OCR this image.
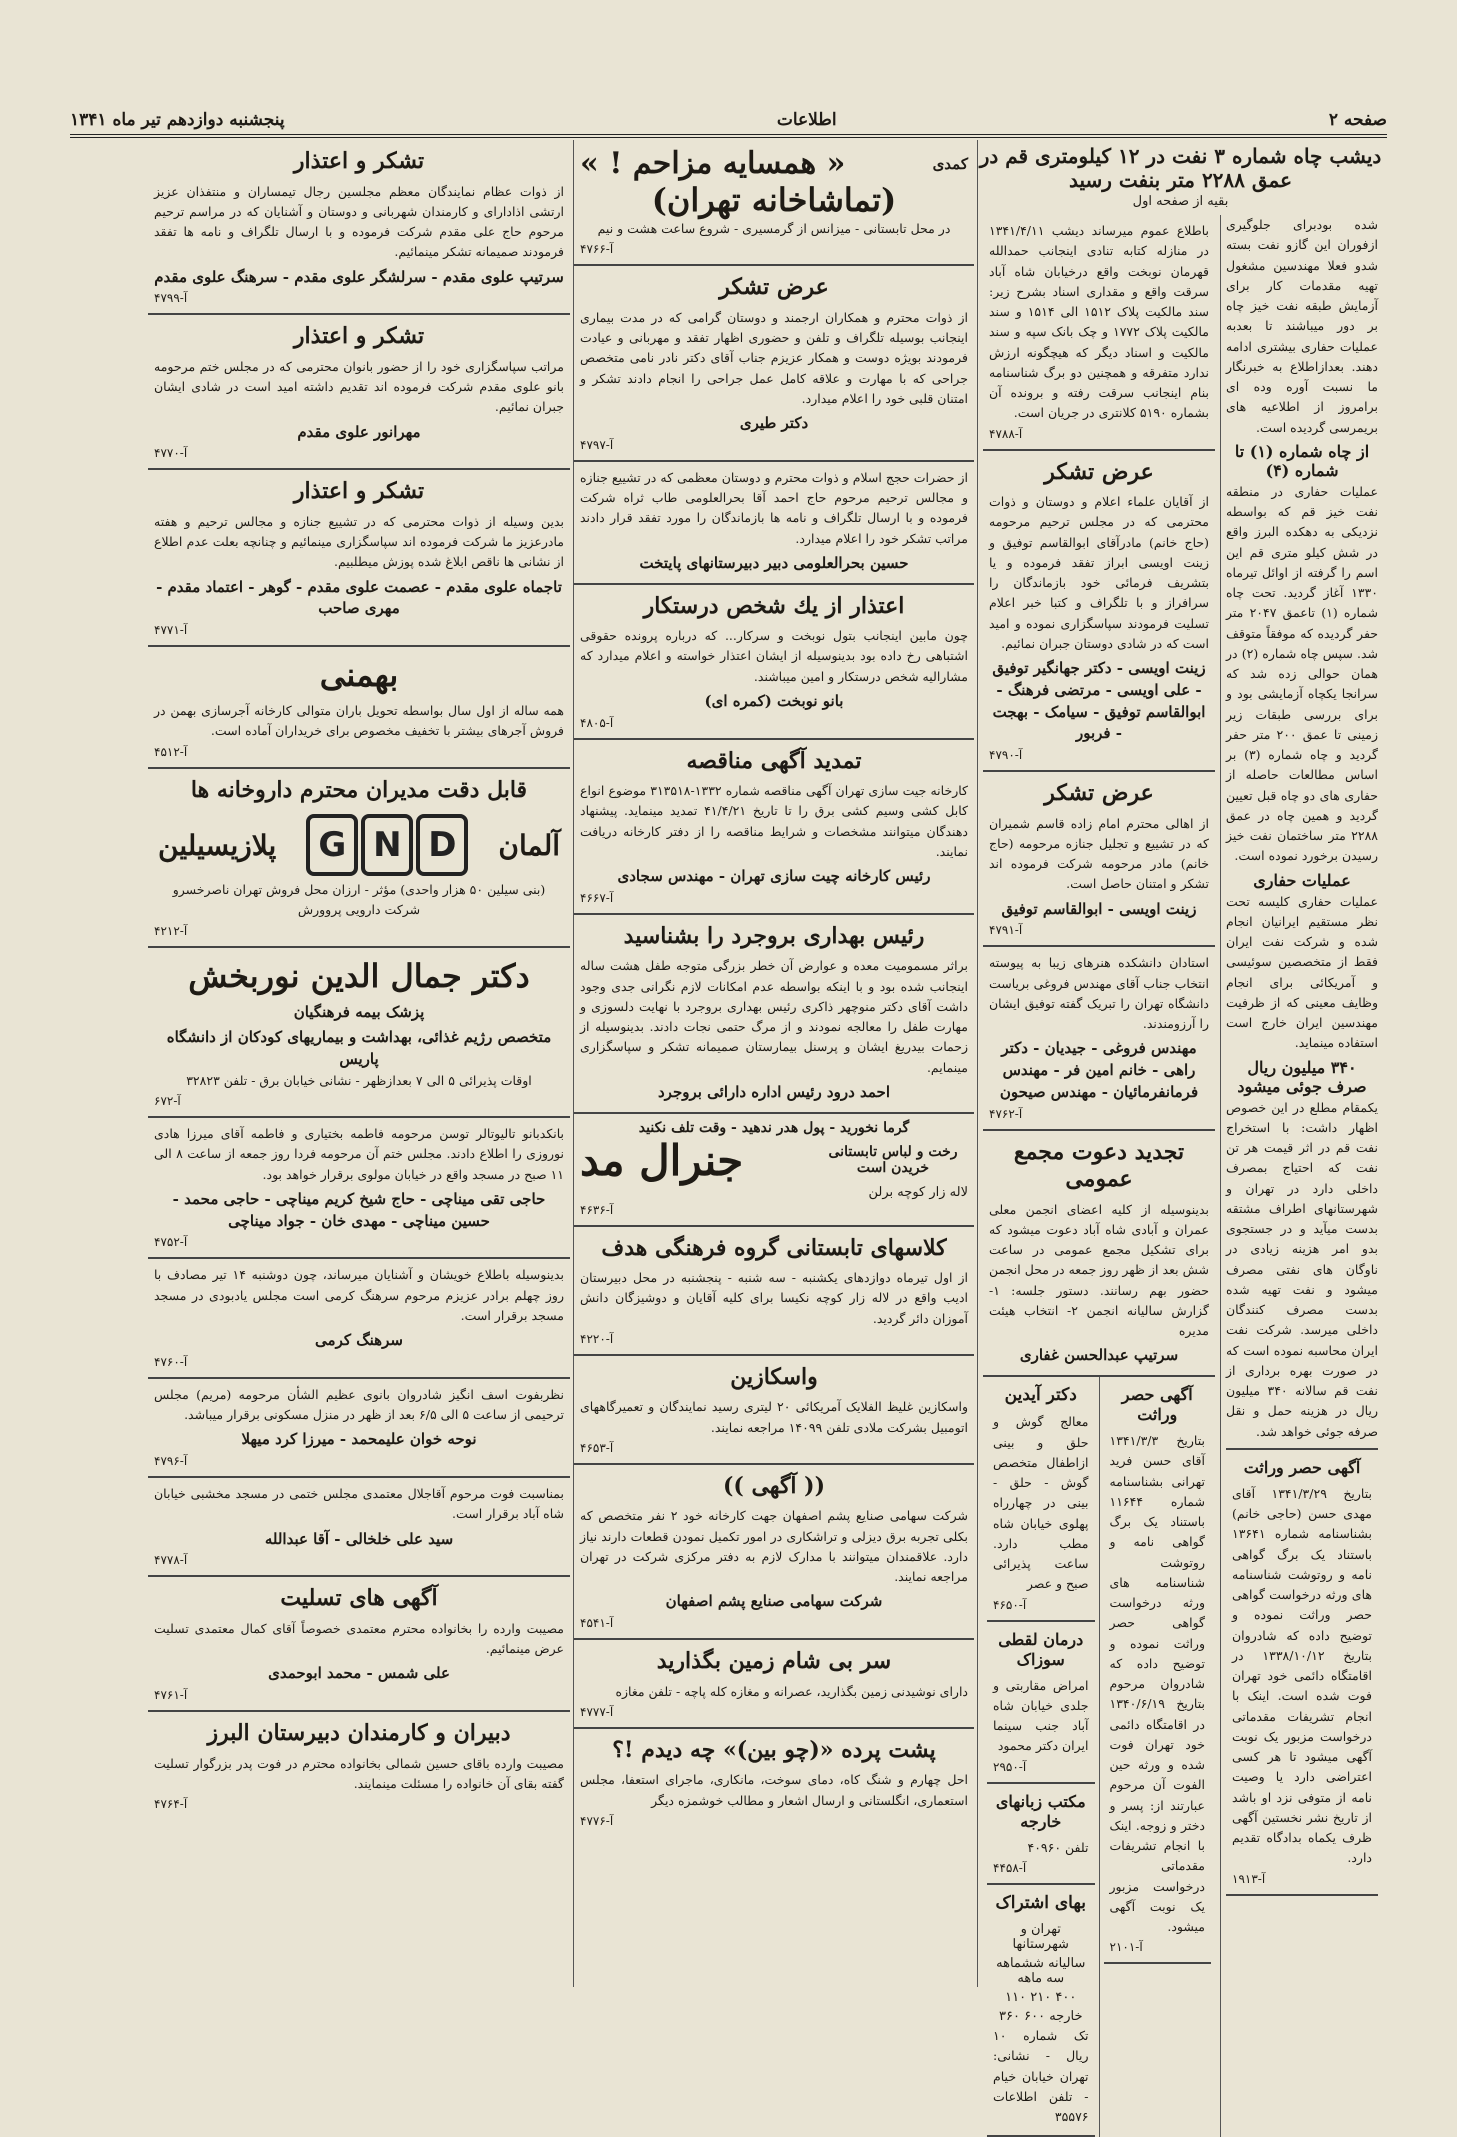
صفحه ۲
اطلاعات
پنجشنبه دوازدهم تیر ماه ۱۳۴۱
دیشب چاه شماره ۳ نفت در ۱۲ کیلومتری قم در عمق ۲۲۸۸ متر بنفت رسید
بقیه از صفحه اول

شده بودبرای جلوگیری ازفوران این گازو نفت بسته شدو فعلا مهندسین مشغول تهیه مقدمات کار برای آزمایش طبقه نفت خیز چاه بر دور میباشند تا بعدبه عملیات حفاری بیشتری ادامه دهند. بعدازاطلاع به خبرنگار ما نسبت آوره وده ای برامروز از اطلاعیه های بریمرسی گردیده است.

از چاه شماره (۱) تا شماره (۴)

عملیات حفاری در منطقه نفت خیز قم که بواسطه نزدیکی به دهکده البرز واقع در شش کیلو متری قم این اسم را گرفته از اوائل تیرماه ۱۳۳۰ آغاز گردید. تحت چاه شماره (۱) تاعمق ۲۰۴۷ متر حفر گردیده که موفقاً متوقف شد. سپس چاه شماره (۲) در همان حوالی زده شد که سرانجا یکچاه آزمایشی بود و برای بررسی طبقات زیر زمینی تا عمق ۲۰۰ متر حفر گردید و چاه شماره (۳) بر اساس مطالعات حاصله از حفاری های دو چاه قبل تعیین گردید و همین چاه در عمق ۲۲۸۸ متر ساختمان نفت خیز رسیدن برخورد نموده است.

عملیات حفاری

عملیات حفاری کلیسه تحت نظر مستقیم ایرانیان انجام شده و شرکت نفت ایران فقط از متخصصین سوئیسی و آمریکائی برای انجام وظایف معینی که از ظرفیت مهندسین ایران خارج است استفاده مینماید.

۳۴۰ میلیون ریال صرف جوئی میشود

یکمقام مطلع در این خصوص اظهار داشت: با استخراج نفت قم در اثر قیمت هر تن نفت که احتیاج بمصرف داخلی دارد در تهران و شهرستانهای اطراف مشتقه بدست میآید و در جستجوی بدو امر هزینه زیادی در ناوگان های نفتی مصرف میشود و نفت تهیه شده بدست مصرف کنندگان داخلی میرسد. شرکت نفت ایران محاسبه نموده است که در صورت بهره برداری از نفت قم سالانه ۳۴۰ میلیون ریال در هزینه حمل و نقل صرفه جوئی خواهد شد.

آگهی حصر وراثت

بتاریخ ۱۳۴۱/۳/۲۹ آقای مهدی حسن (حاجی خانم) بشناسنامه شماره ۱۳۶۴۱ باستناد یک برگ گواهی نامه و روتوشت شناسنامه های ورثه درخواست گواهی حصر وراثت نموده و توضیح داده که شادروان بتاریخ ۱۳۳۸/۱۰/۱۲ در اقامتگاه دائمی خود تهران فوت شده است. اینک با انجام تشریفات مقدماتی درخواست مزبور یک نوبت آگهی میشود تا هر کسی اعتراضی دارد یا وصیت نامه از متوفی نزد او باشد از تاریخ نشر نخستین آگهی ظرف یکماه بدادگاه تقدیم دارد.

آ-۱۹۱۳

باطلاع عموم میرساند دیشب ۱۳۴۱/۴/۱۱ در منازله کتابه تنادی اینجانب حمدالله قهرمان نوبخت واقع درخیابان شاه آباد سرقت واقع و مقداری اسناد بشرح زیر: سند مالکیت پلاک ۱۵۱۲ الی ۱۵۱۴ و سند مالکیت پلاک ۱۷۷۲ و چک بانک سپه و سند مالکیت و اسناد دیگر که هیچگونه ارزش ندارد متفرقه و همچنین دو برگ شناسنامه بنام اینجانب سرقت رفته و برونده آن بشماره ۵۱۹۰ کلانتری در جریان است.

آ-۴۷۸۸
عرض تشکر

از آقایان علماء اعلام و دوستان و ذوات محترمی که در مجلس ترحیم مرحومه (حاج خانم) مادرآقای ابوالقاسم توفیق و زینت اویسی ابراز تفقد فرموده و یا بتشریف فرمائی خود بازماندگان را سرافراز و با تلگراف و کتبا خبر اعلام تسلیت فرمودند سپاسگزاری نموده و امید است که در شادی دوستان جبران نمائیم.

زینت اویسی - دکتر جهانگیر توفیق - علی اویسی - مرتضی فرهنگ - ابوالقاسم توفیق - سیامک - بهجت - فربور
آ-۴۷۹۰
عرض تشکر

از اهالی محترم امام زاده قاسم شمیران که در تشییع و تجلیل جنازه مرحومه (حاج خانم) مادر مرحومه شرکت فرموده اند تشکر و امتنان حاصل است.

زینت اویسی - ابوالقاسم توفیق
آ-۴۷۹۱

استادان دانشکده هنرهای زیبا به پیوسته انتخاب جناب آقای مهندس فروغی بریاست دانشگاه تهران را تبریک گفته توفیق ایشان را آرزومندند.

مهندس فروغی - جیدیان - دکتر راهی - خانم امین فر - مهندس فرمانفرمائیان - مهندس صیحون
آ-۴۷۶۲
تجدید دعوت مجمع عمومی

بدینوسیله از کلیه اعضای انجمن معلی عمران و آبادی شاه آباد دعوت میشود که برای تشکیل مجمع عمومی در ساعت شش بعد از ظهر روز جمعه در محل انجمن حضور بهم رسانند. دستور جلسه: ۱- گزارش سالیانه انجمن ۲- انتخاب هیئت مدیره

سرتیپ عبدالحسن غفاری
آگهی حصر وراثت

بتاریخ ۱۳۴۱/۳/۳ آقای حسن فرید تهرانی بشناسنامه شماره ۱۱۶۴۴ باستناد یک برگ گواهی نامه و روتوشت شناسنامه های ورثه درخواست گواهی حصر وراثت نموده و توضیح داده که شادروان مرحوم بتاریخ ۱۳۴۰/۶/۱۹ در اقامتگاه دائمی خود تهران فوت شده و ورثه حین الفوت آن مرحوم عبارتند از: پسر و دختر و زوجه. اینک با انجام تشریفات مقدماتی درخواست مزبور یک نوبت آگهی میشود.

آ-۲۱۰۱
دکتر آیدین

معالج گوش و حلق و بینی ازاطفال متخصص گوش - حلق - بینی در چهارراه پهلوی خیابان شاه مطب دارد. ساعت پذیرائی صبح و عصر

آ-۴۶۵۰
درمان لقطی سوزاک

امراض مقاربتی و جلدی خیابان شاه آباد جنب سینما ایران دکتر محمود

آ-۲۹۵۰
مکتب زبانهای خارجه

تلفن ۴۰۹۶۰

آ-۴۴۵۸
بهای اشتراک
تهران و شهرستانها
سالیانه ششماهه سه ماهه
۴۰۰ ۲۱۰ ۱۱۰
خارجه ۶۰۰ ۳۶۰

تک شماره ۱۰ ریال - نشانی: تهران خیابان خیام - تلفن اطلاعات ۳۵۵۷۶

کمدی
« همسایه مزاحم ! »
(تماشاخانه تهران)

در محل تابستانی - میزانس از گرمسیری - شروع ساعت هشت و نیم

آ-۴۷۶۶
عرض تشکر

از ذوات محترم و همکاران ارجمند و دوستان گرامی که در مدت بیماری اینجانب بوسیله تلگراف و تلفن و حضوری اظهار تفقد و مهربانی و عیادت فرمودند بویژه دوست و همکار عزیزم جناب آقای دکتر نادر نامی متخصص جراحی که با مهارت و علاقه کامل عمل جراحی را انجام دادند تشکر و امتنان قلبی خود را اعلام میدارد.

دکتر طیری
آ-۴۷۹۷

از حضرات حجج اسلام و ذوات محترم و دوستان معظمی که در تشییع جنازه و مجالس ترحیم مرحوم حاج احمد آقا بحرالعلومی طاب ثراه شرکت فرموده و با ارسال تلگراف و نامه ها بازماندگان را مورد تفقد قرار دادند مراتب تشکر خود را اعلام میدارد.

حسین بحرالعلومی دبیر دبیرستانهای پایتخت
اعتذار از یك شخص درستكار

چون مابین اینجانب بتول نوبخت و سرکار... که درباره پرونده حقوقی اشتباهی رخ داده بود بدینوسیله از ایشان اعتذار خواسته و اعلام میدارد که مشارالیه شخص درستکار و امین میباشند.

بانو نوبخت (کمره ای)
آ-۴۸۰۵
تمدید آگهی مناقصه

کارخانه جیت سازی تهران آگهی مناقصه شماره ۱۳۳۲-۳۱۳۵۱۸ موضوع انواع کابل کشی وسیم کشی برق را تا تاریخ ۴۱/۴/۲۱ تمدید مینماید. پیشنهاد دهندگان میتوانند مشخصات و شرایط مناقصه را از دفتر کارخانه دریافت نمایند.

رئیس کارخانه چیت سازی تهران - مهندس سجادی
آ-۴۶۶۷
رئیس بهداری بروجرد را بشناسید

براثر مسمومیت معده و عوارض آن خطر بزرگی متوجه طفل هشت ساله اینجانب شده بود و با اینکه بواسطه عدم امکانات لازم نگرانی جدی وجود داشت آقای دکتر منوچهر ذاکری رئیس بهداری بروجرد با نهایت دلسوزی و مهارت طفل را معالجه نمودند و از مرگ حتمی نجات دادند. بدینوسیله از زحمات بیدریغ ایشان و پرسنل بیمارستان صمیمانه تشکر و سپاسگزاری مینمایم.

احمد درود رئیس اداره دارائی بروجرد
گرما نخورید - پول هدر ندهید - وقت تلف نکنید
رخت و لباس تابستانی خریدن است
جنرال مد
لاله زار کوچه برلن
آ-۴۶۳۶
کلاسهای تابستانی گروه فرهنگی هدف

از اول تیرماه دوازدهای یکشنبه - سه شنبه - پنجشنبه در محل دبیرستان ادیب واقع در لاله زار کوچه نکیسا برای کلیه آقایان و دوشیزگان دانش آموزان دائر گردید.

آ-۴۲۲۰
واسکازین

واسکازین غلیظ الفلایک آمریکائی ۲۰ لیتری رسید نمایندگان و تعمیرگاههای اتومبیل بشرکت ملادی تلفن ۱۴۰۹۹ مراجعه نمایند.

آ-۴۶۵۳
(( آگهی ))

شرکت سهامی صنایع پشم اصفهان جهت کارخانه خود ۲ نفر متخصص که بکلی تجربه برق دیزلی و تراشکاری در امور تکمیل نمودن قطعات دارند نیاز دارد. علاقمندان میتوانند با مدارک لازم به دفتر مرکزی شرکت در تهران مراجعه نمایند.

شرکت سهامی صنایع پشم اصفهان
آ-۴۵۴۱
سر بی شام زمین بگذارید

دارای نوشیدنی زمین بگذارید، عصرانه و مغازه کله پاچه - تلفن مغازه

آ-۴۷۷۷
پشت پرده «(چو بين)» چه دیدم !؟

احل چهارم و شنگ کاه، دمای سوخت، مانکاری، ماجرای استعفا، مجلس استعماری، انگلستانی و ارسال اشعار و مطالب خوشمزه دیگر

آ-۴۷۷۶
تشکر و اعتذار

از ذوات عظام نمایندگان معظم مجلسین رجال تیمساران و منتفذان عزیز ارتشی اذادارای و کارمندان شهربانی و دوستان و آشنایان که در مراسم ترحیم مرحوم حاج علی مقدم شرکت فرموده و با ارسال تلگراف و نامه ها تفقد فرمودند صمیمانه تشکر مینمائیم.

سرتیپ علوی مقدم - سرلشگر علوی مقدم - سرهنگ علوی مقدم
آ-۴۷۹۹
تشکر و اعتذار

مراتب سپاسگزاری خود را از حضور بانوان محترمی که در مجلس ختم مرحومه بانو علوی مقدم شرکت فرموده اند تقدیم داشته امید است در شادی ایشان جبران نمائیم.

مهرانور علوی مقدم
آ-۴۷۷۰
تشکر و اعتذار

بدین وسیله از ذوات محترمی که در تشییع جنازه و مجالس ترحیم و هفته مادرعزیز ما شرکت فرموده اند سپاسگزاری مینمائیم و چنانچه بعلت عدم اطلاع از نشانی ها ناقص ابلاغ شده پوزش میطلبیم.

تاجماه علوی مقدم - عصمت علوی مقدم - گوهر - اعتماد مقدم - مهری صاحب
آ-۴۷۷۱
بهمنی

همه ساله از اول سال بواسطه تحویل باران متوالی کارخانه آجرسازی بهمن در فروش آجرهای بیشتر با تخفیف مخصوص برای خریداران آماده است.

آ-۴۵۱۲
قابل دقت مدیران محترم داروخانه ها
آلمان
D
N
G
پلازیسیلین

(بنی سیلین ۵۰ هزار واحدی) مؤثر - ارزان محل فروش تهران ناصرخسرو شرکت دارویی پروورش

آ-۴۲۱۲
دکتر جمال الدین نوربخش
پزشک بیمه فرهنگیان
متخصص رژیم غذائی، بهداشت و بیماریهای کودکان از دانشگاه پاریس

اوقات پذیرائی ۵ الی ۷ بعدازظهر - نشانی خیابان برق - تلفن ۳۲۸۲۳

آ-۶۷۲

بانکدبانو تالیوتالر توسن مرحومه فاطمه بختیاری و فاطمه آقای میرزا هادی نوروزی را اطلاع دادند. مجلس ختم آن مرحومه فردا روز جمعه از ساعت ۸ الی ۱۱ صبح در مسجد واقع در خیابان مولوی برقرار خواهد بود.

حاجی تقی میناچی - حاج شیخ کریم میناچی - حاجی محمد - حسین میناچی - مهدی خان - جواد میناچی
آ-۴۷۵۲

بدینوسیله باطلاع خویشان و آشنایان میرساند، چون دوشنبه ۱۴ تیر مصادف با روز چهلم برادر عزیزم مرحوم سرهنگ کرمی است مجلس یادبودی در مسجد مسجد برقرار است.

سرهنگ کرمی
آ-۴۷۶۰

نظربفوت اسف انگیز شادروان بانوی عظیم الشأن مرحومه (مریم) مجلس ترحیمی از ساعت ۵ الی ۶/۵ بعد از ظهر در منزل مسکونی برقرار میباشد.

نوحه خوان علیمحمد - میرزا کرد میهلا
آ-۴۷۹۶

بمناسبت فوت مرحوم آقاجلال معتمدی مجلس ختمی در مسجد مخشبی خیابان شاه آباد برقرار است.

سید علی خلخالی - آقا عبدالله
آ-۴۷۷۸
آگهی های تسلیت

مصیبت وارده را بخانواده محترم معتمدی خصوصاً آقای کمال معتمدی تسلیت عرض مینمائیم.

علی شمس - محمد ابوحمدی
آ-۴۷۶۱
دبیران و کارمندان دبیرستان البرز

مصیبت وارده باقای حسین شمالی بخانواده محترم در فوت پدر بزرگوار تسلیت گفته بقای آن خانواده را مسئلت مینمایند.

آ-۴۷۶۴
